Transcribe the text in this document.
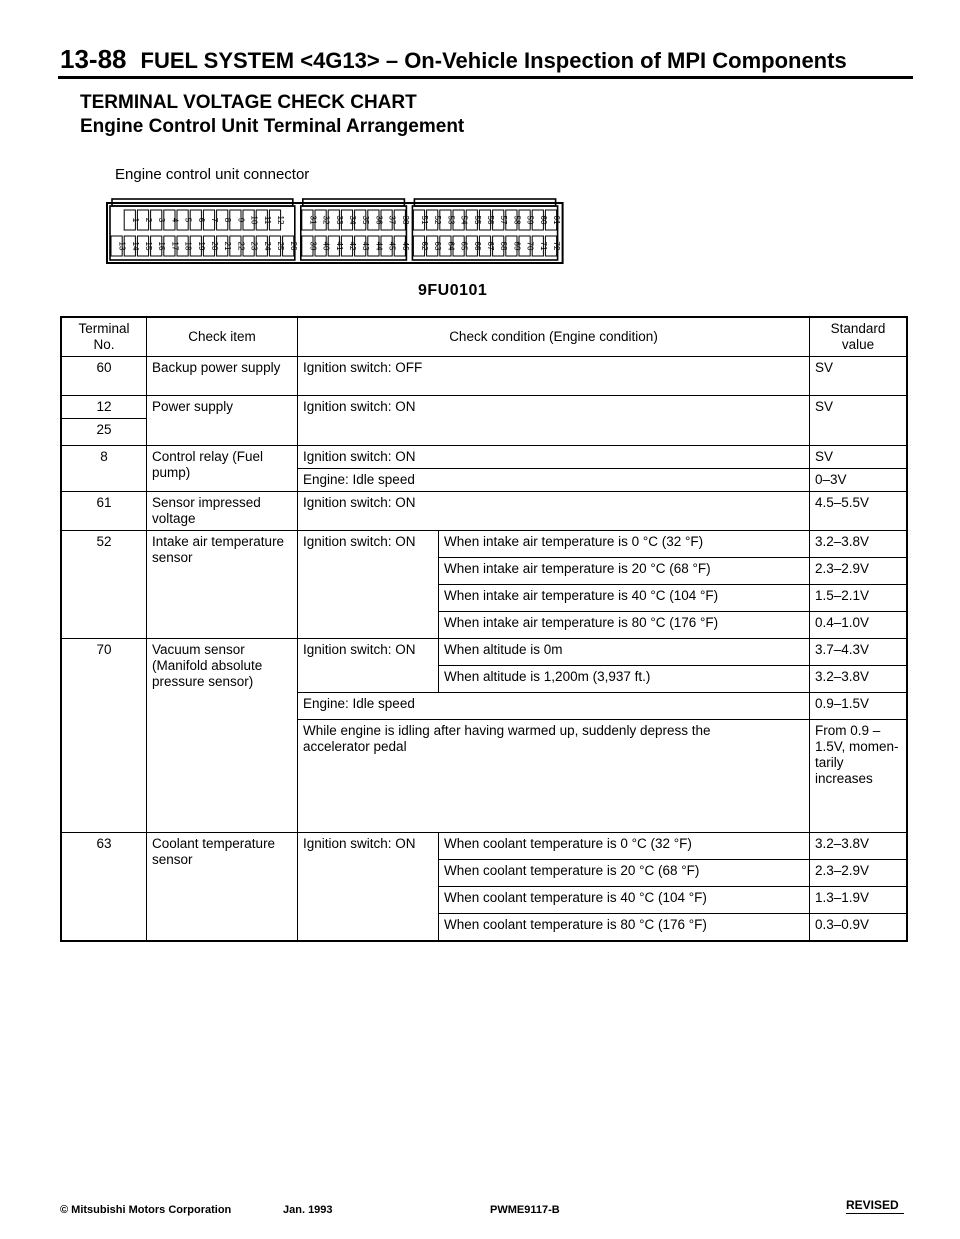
13-88 FUEL SYSTEM <4G13> – On-Vehicle Inspection of MPI Components
TERMINAL VOLTAGE CHECK CHART
Engine Control Unit Terminal Arrangement
Engine control unit connector
1 2 3 4 5 6 7 8 9 10 11 12
13 14 15 16 17 18 19 20 21 22 23 24 25 26
31 32 33 34 35 36 37 38
39 40 41 42 43 44 45 46
51 52 53 54 55 56 57 58 59 60 61
62 63 64 65 66 67 68 69 70 71 72
9FU0101
Terminal No.	Check item	Check condition (Engine condition)		Standard value
60	Backup power supply	Ignition switch: OFF		SV
12	Power supply	Ignition switch: ON		SV
25				
8	Control relay (Fuel pump)	Ignition switch: ON		SV
		Engine: Idle speed		0–3V
61	Sensor impressed voltage	Ignition switch: ON		4.5–5.5V
52	Intake air temperature sensor	Ignition switch: ON	When intake air temperature is 0 °C (32 °F)	3.2–3.8V
			When intake air temperature is 20 °C (68 °F)	2.3–2.9V
			When intake air temperature is 40 °C (104 °F)	1.5–2.1V
			When intake air temperature is 80 °C (176 °F)	0.4–1.0V
70	Vacuum sensor (Manifold absolute pressure sensor)	Ignition switch: ON	When altitude is 0m	3.7–4.3V
			When altitude is 1,200m (3,937 ft.)	3.2–3.8V
		Engine: Idle speed		0.9–1.5V
		While engine is idling after having warmed up, suddenly depress the accelerator pedal		From 0.9 – 1.5V, momen- tarily increases
63	Coolant temperature sensor	Ignition switch: ON	When coolant temperature is 0 °C (32 °F)	3.2–3.8V
			When coolant temperature is 20 °C (68 °F)	2.3–2.9V
			When coolant temperature is 40 °C (104 °F)	1.3–1.9V
			When coolant temperature is 80 °C (176 °F)	0.3–0.9V
© Mitsubishi Motors Corporation	Jan. 1993	PWME9117-B	REVISED
